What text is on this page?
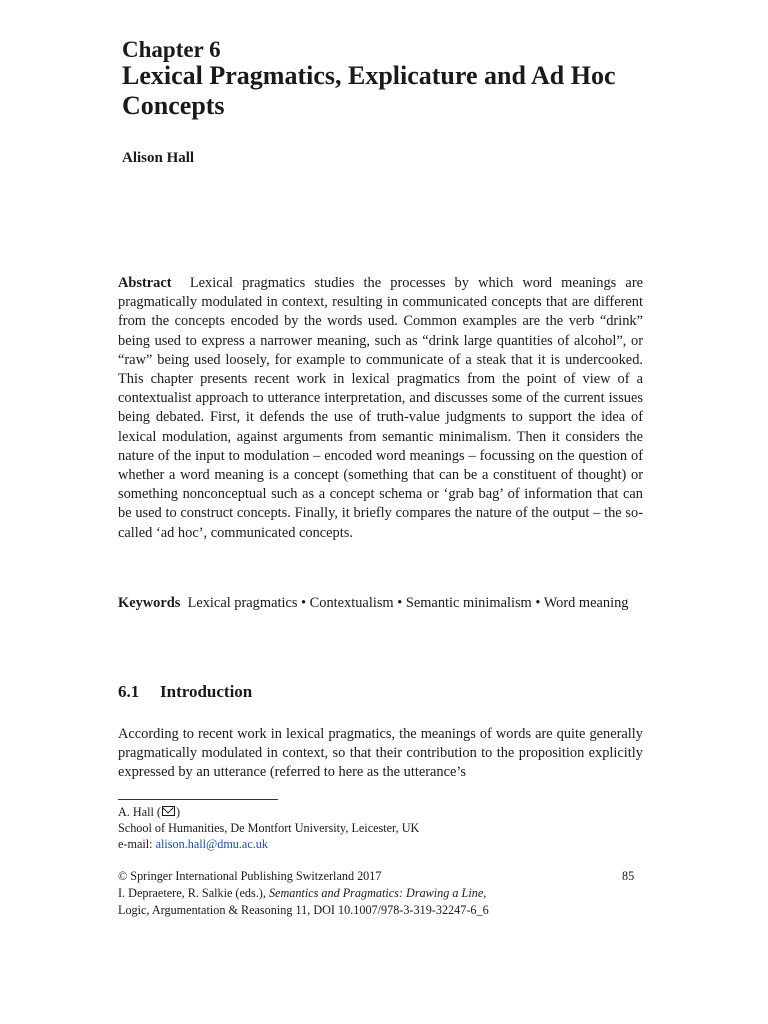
Chapter 6
Lexical Pragmatics, Explicature and Ad Hoc Concepts
Alison Hall
Abstract Lexical pragmatics studies the processes by which word meanings are pragmatically modulated in context, resulting in communicated concepts that are different from the concepts encoded by the words used. Common examples are the verb “drink” being used to express a narrower meaning, such as “drink large quantities of alcohol”, or “raw” being used loosely, for example to communicate of a steak that it is undercooked. This chapter presents recent work in lexical pragmatics from the point of view of a contextualist approach to utterance interpretation, and discusses some of the current issues being debated. First, it defends the use of truth-value judgments to support the idea of lexical modulation, against arguments from semantic minimalism. Then it considers the nature of the input to modulation – encoded word meanings – focussing on the question of whether a word meaning is a concept (something that can be a constituent of thought) or something nonconceptual such as a concept schema or ‘grab bag’ of information that can be used to construct concepts. Finally, it briefly compares the nature of the output – the so-called ‘ad hoc’, communicated concepts.
Keywords Lexical pragmatics • Contextualism • Semantic minimalism • Word meaning
6.1 Introduction
According to recent work in lexical pragmatics, the meanings of words are quite generally pragmatically modulated in context, so that their contribution to the proposition explicitly expressed by an utterance (referred to here as the utterance’s
A. Hall ( )
School of Humanities, De Montfort University, Leicester, UK
e-mail: alison.hall@dmu.ac.uk
© Springer International Publishing Switzerland 2017	85
I. Depraetere, R. Salkie (eds.), Semantics and Pragmatics: Drawing a Line,
Logic, Argumentation & Reasoning 11, DOI 10.1007/978-3-319-32247-6_6
